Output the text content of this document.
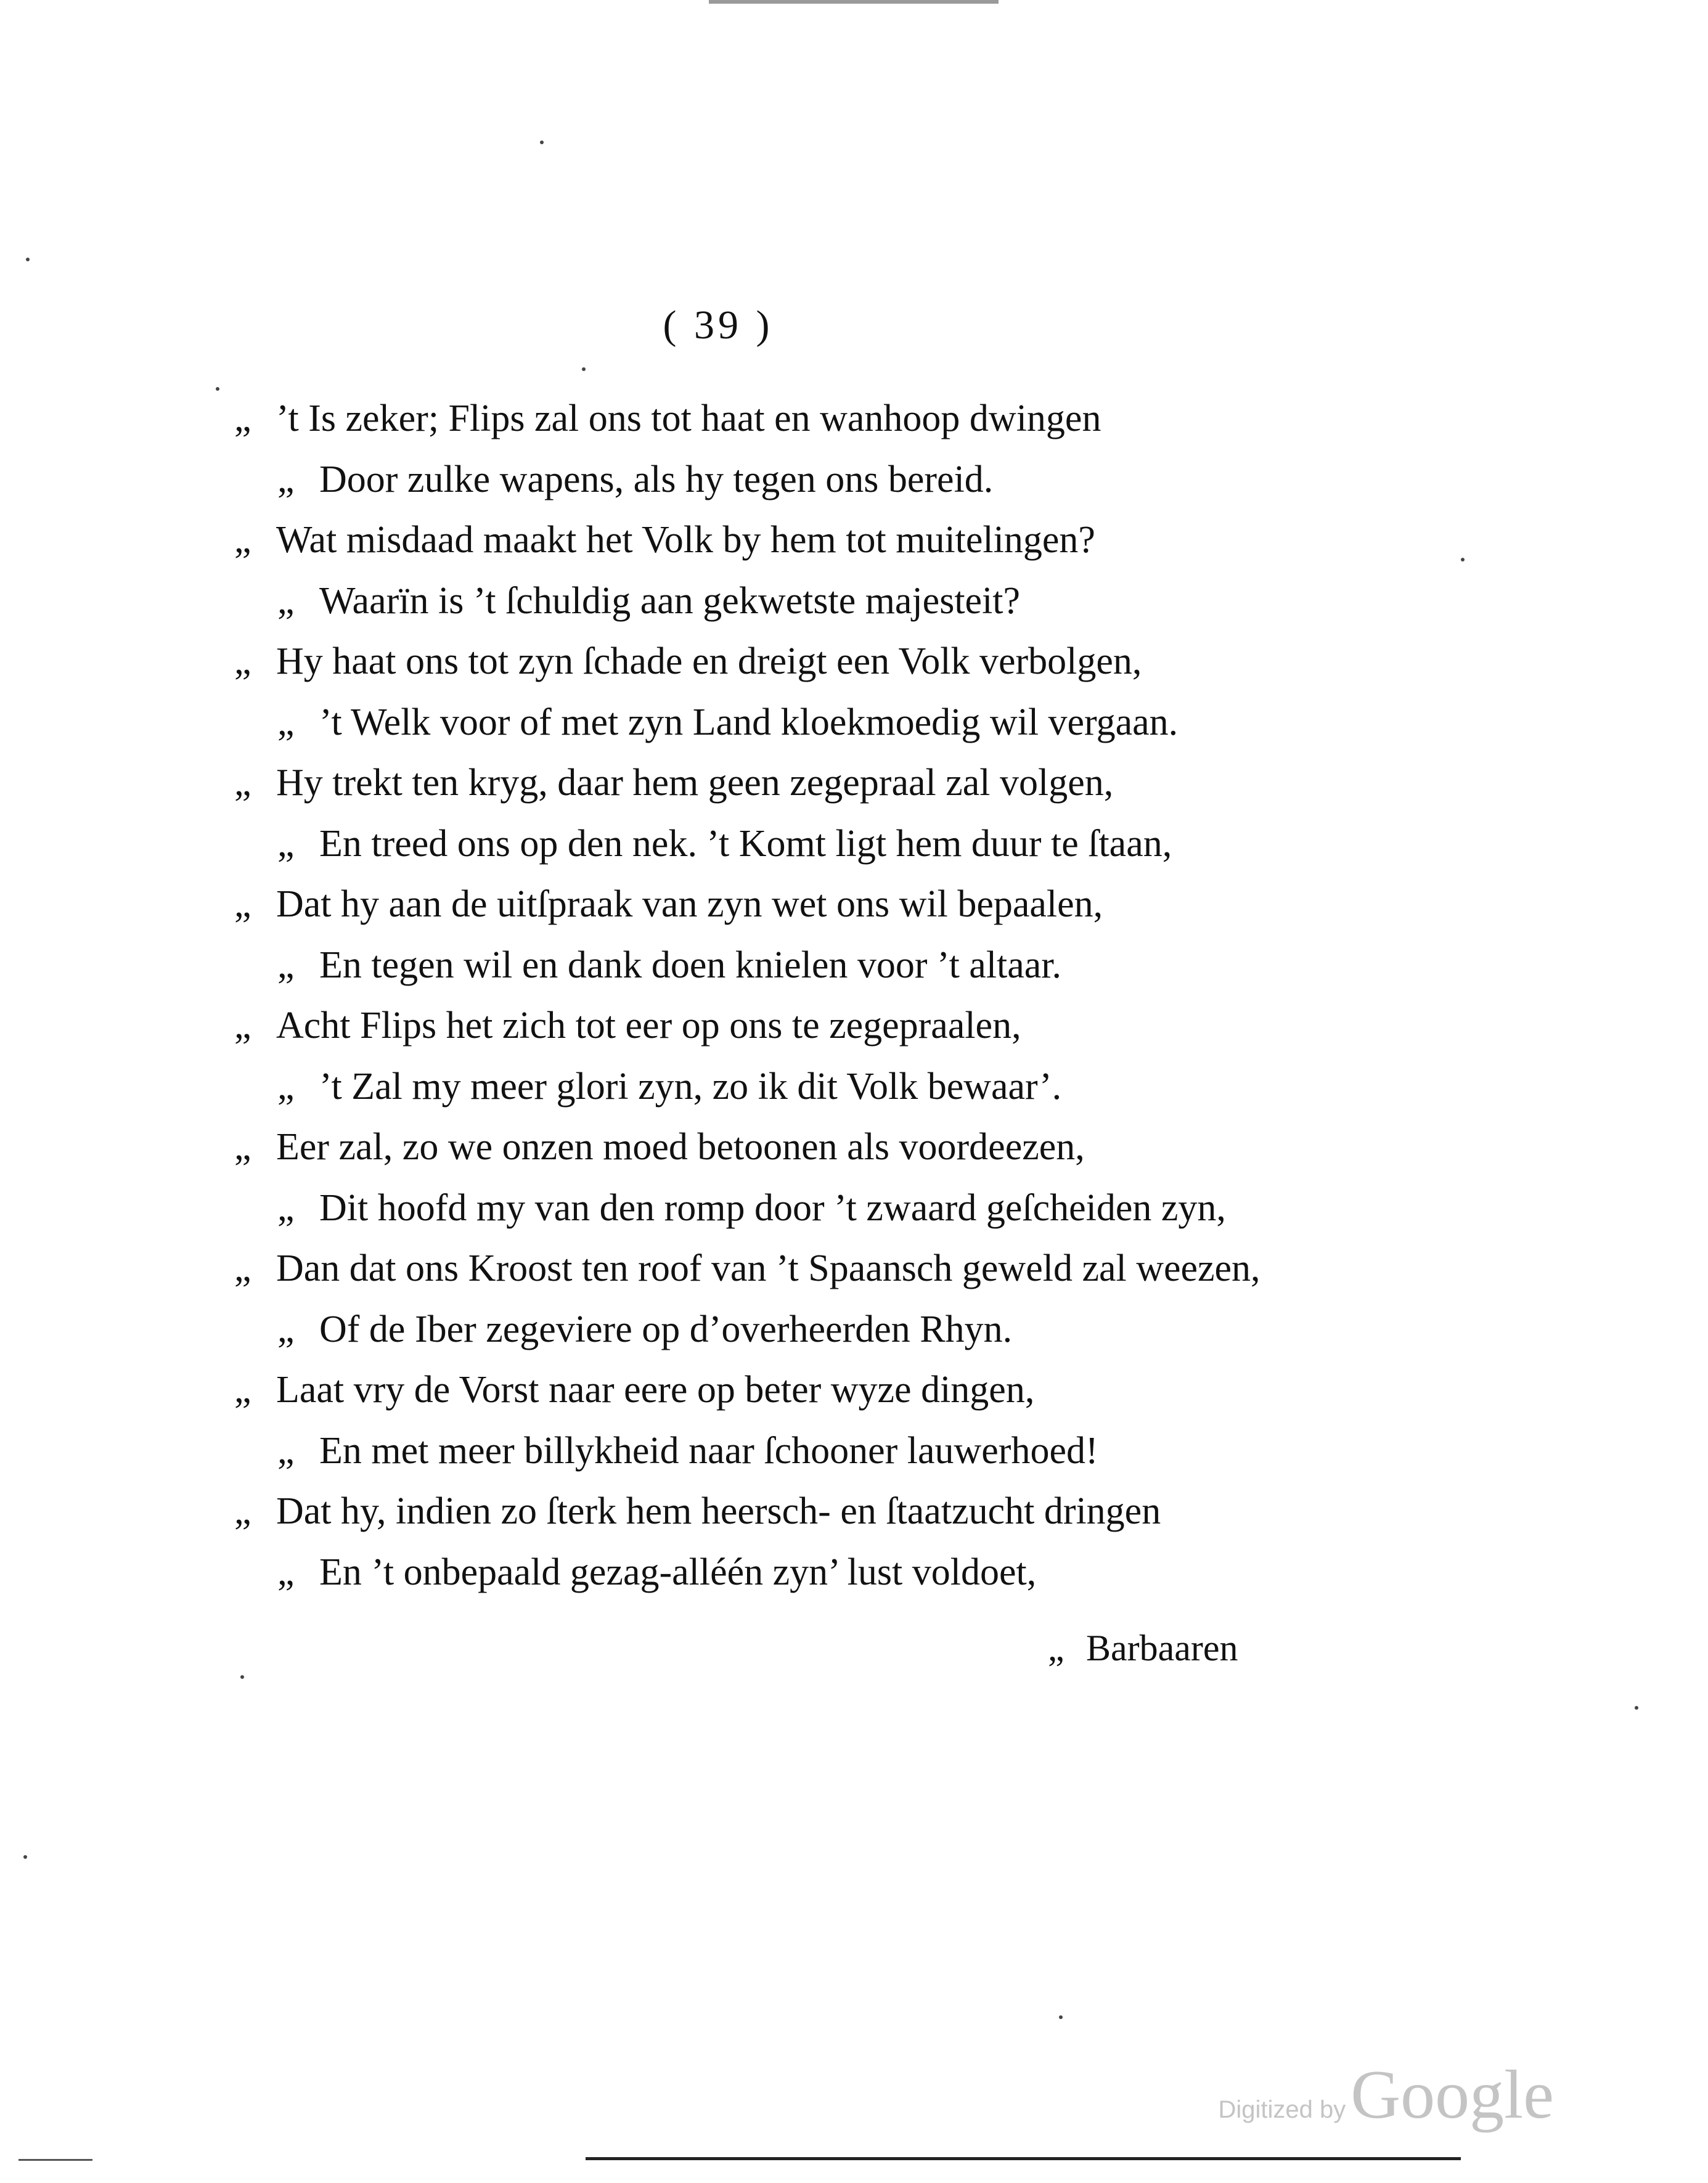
( 39 )
„ ’t Is zeker; Flips zal ons tot haat en wanhoop dwingen
„ Door zulke wapens, als hy tegen ons bereid.
„ Wat misdaad maakt het Volk by hem tot muitelingen?
„ Waarïn is ’t ſchuldig aan gekwetste majesteit?
„ Hy haat ons tot zyn ſchade en dreigt een Volk verbolgen,
„ ’t Welk voor of met zyn Land kloekmoedig wil vergaan.
„ Hy trekt ten kryg, daar hem geen zegepraal zal volgen,
„ En treed ons op den nek. ’t Komt ligt hem duur te ſtaan,
„ Dat hy aan de uitſpraak van zyn wet ons wil bepaalen,
„ En tegen wil en dank doen knielen voor ’t altaar.
„ Acht Flips het zich tot eer op ons te zegepraalen,
„ ’t Zal my meer glori zyn, zo ik dit Volk bewaar’.
„ Eer zal, zo we onzen moed betoonen als voordeezen,
„ Dit hoofd my van den romp door ’t zwaard geſcheiden zyn,
„ Dan dat ons Kroost ten roof van ’t Spaansch geweld zal weezen,
„ Of de Iber zegeviere op d’overheerden Rhyn.
„ Laat vry de Vorst naar eere op beter wyze dingen,
„ En met meer billykheid naar ſchooner lauwerhoed!
„ Dat hy, indien zo ſterk hem heersch- en ſtaatzucht dringen
„ En ’t onbepaald gezag-alléén zyn’ lust voldoet,
„ Barbaaren
Digitized byGoogle
